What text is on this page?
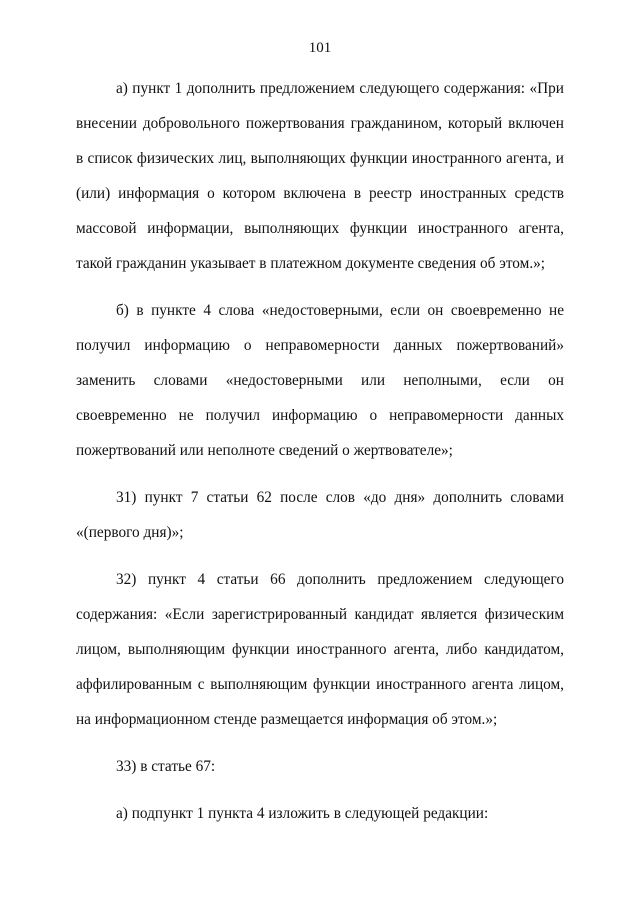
101

а) пункт 1 дополнить предложением следующего содержания: «При внесении добровольного пожертвования гражданином, который включен в список физических лиц, выполняющих функции иностранного агента, и (или) информация о котором включена в реестр иностранных средств массовой информации, выполняющих функции иностранного агента, такой гражданин указывает в платежном документе сведения об этом.»;

б) в пункте 4 слова «недостоверными, если он своевременно не получил информацию о неправомерности данных пожертвований» заменить словами «недостоверными или неполными, если он своевременно не получил информацию о неправомерности данных пожертвований или неполноте сведений о жертвователе»;

31) пункт 7 статьи 62 после слов «до дня» дополнить словами «(первого дня)»;

32) пункт 4 статьи 66 дополнить предложением следующего содержания: «Если зарегистрированный кандидат является физическим лицом, выполняющим функции иностранного агента, либо кандидатом, аффилированным с выполняющим функции иностранного агента лицом, на информационном стенде размещается информация об этом.»;

33) в статье 67:

а) подпункт 1 пункта 4 изложить в следующей редакции:
